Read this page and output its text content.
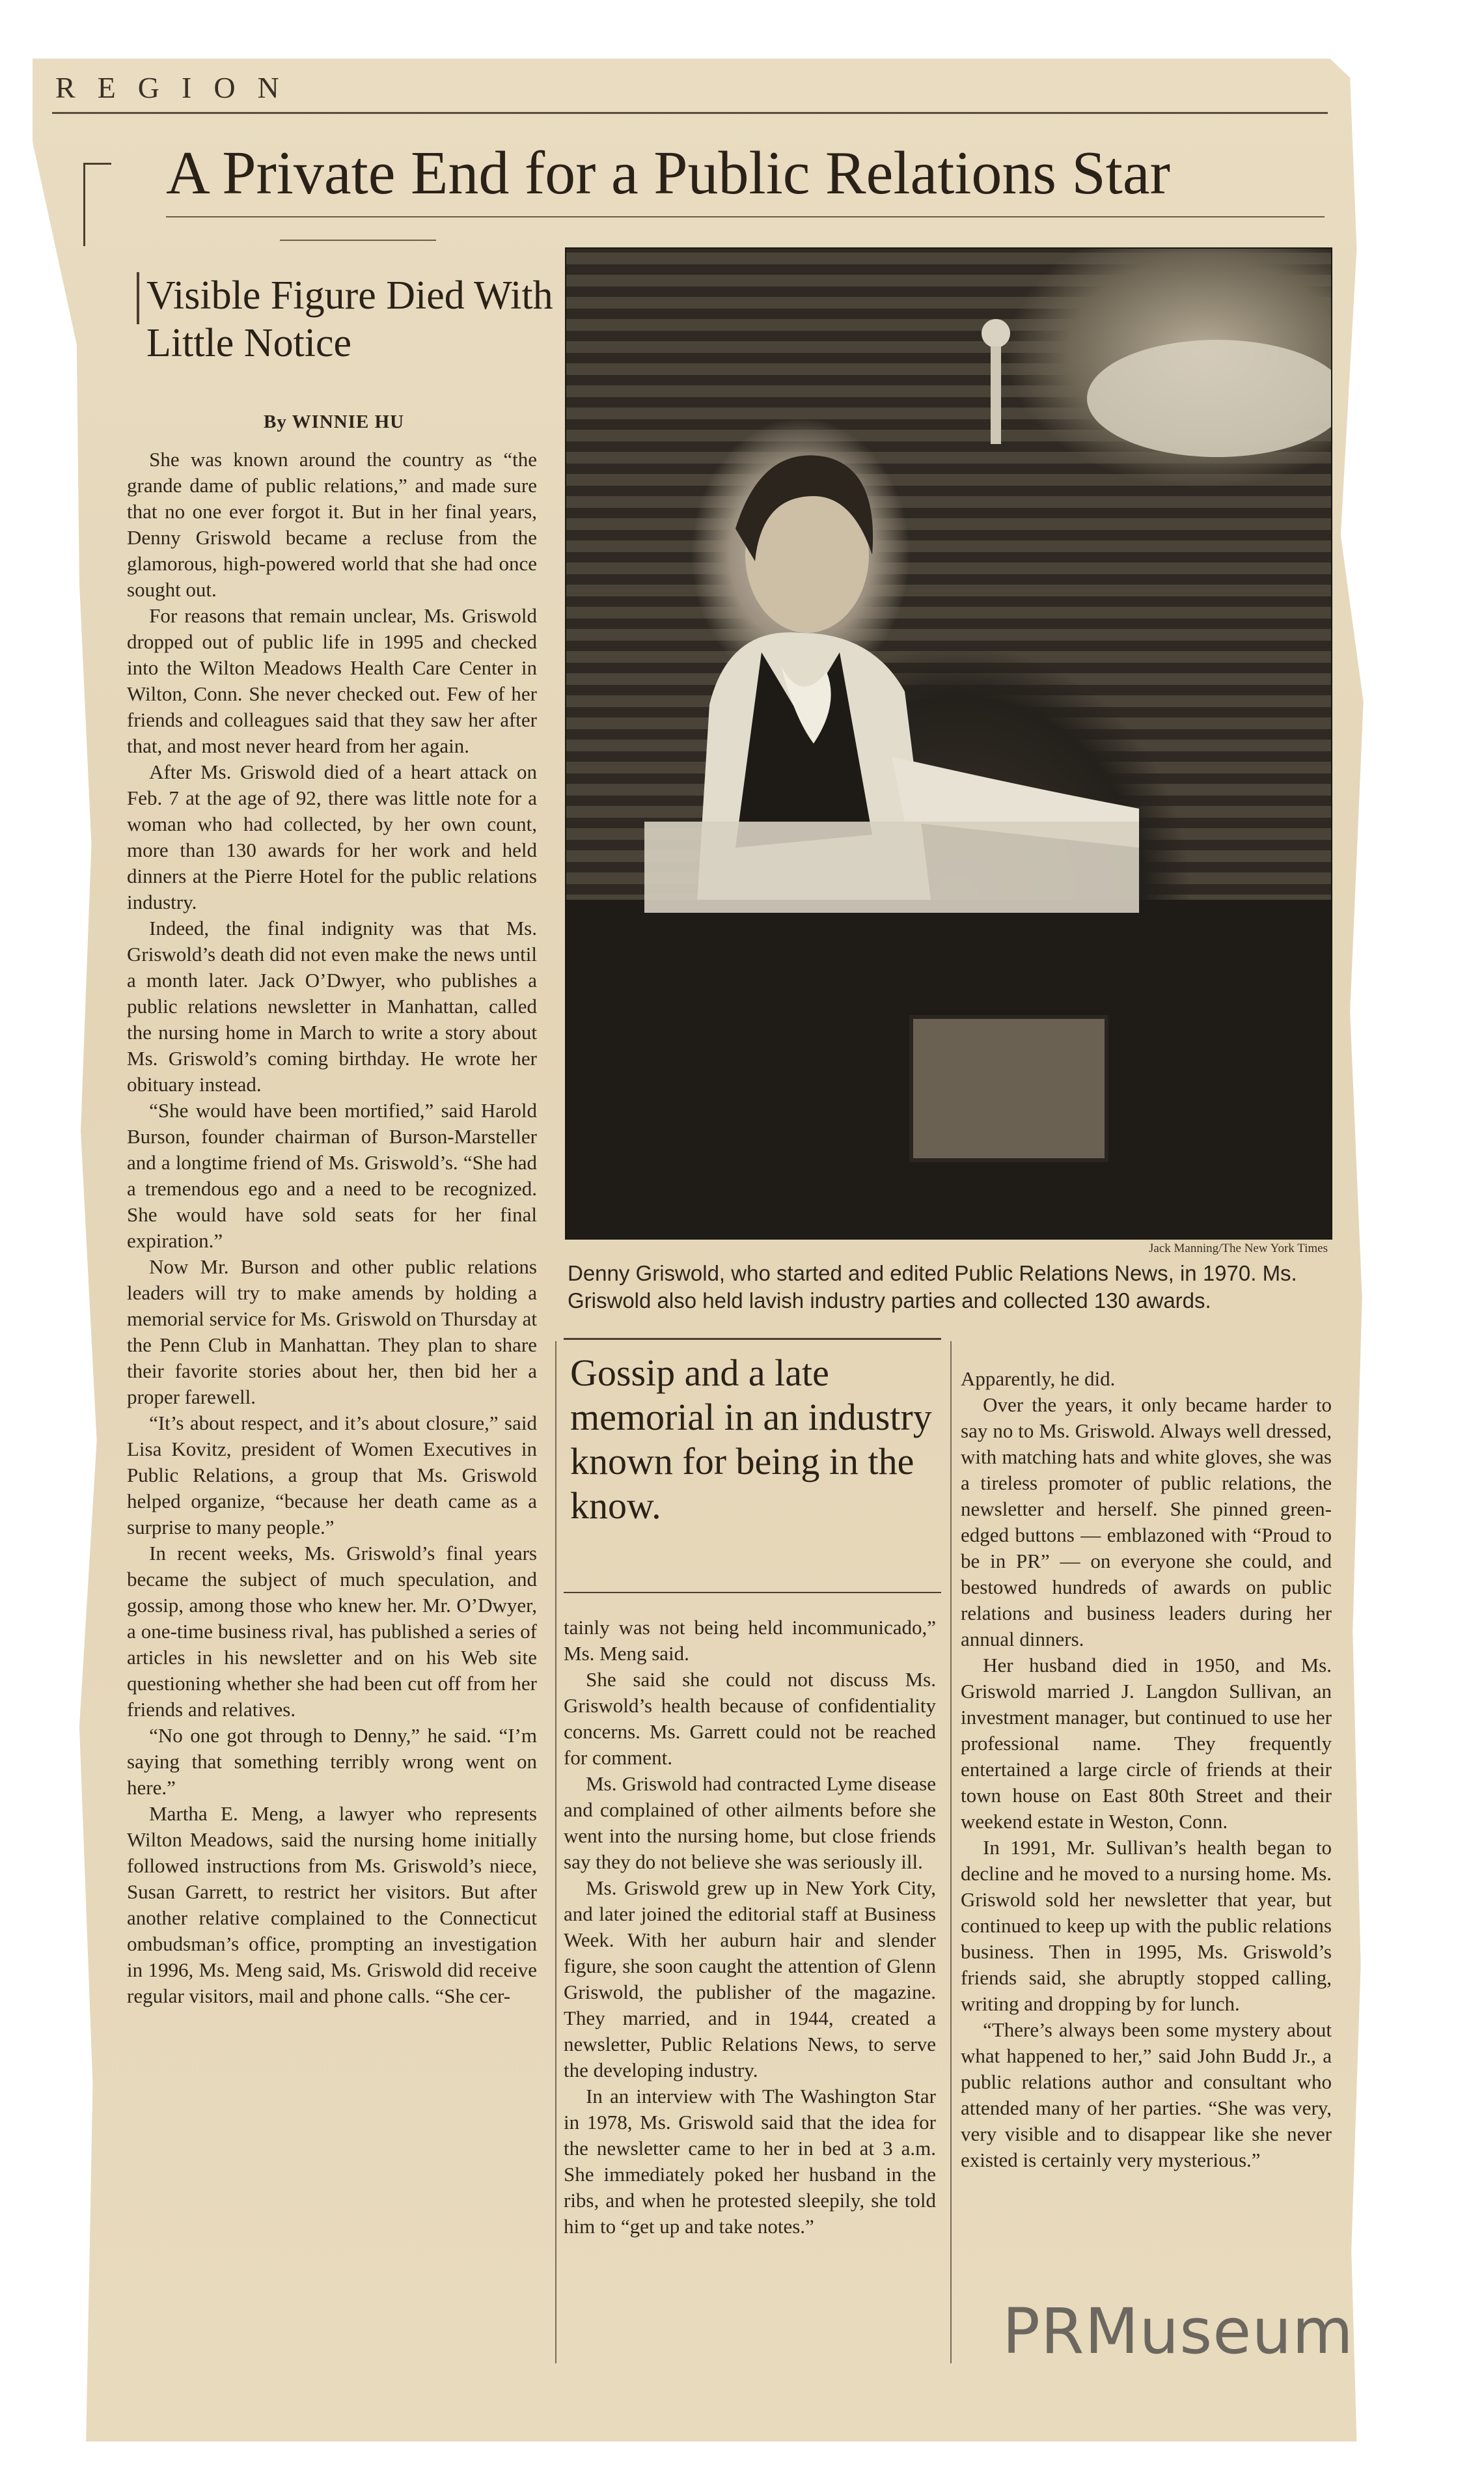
REGION
A Private End for a Public Relations Star
Visible Figure Died With Little Notice
By WINNIE HU

She was known around the country as “the grande dame of public relations,” and made sure that no one ever forgot it. But in her final years, Denny Griswold became a recluse from the glamorous, high-powered world that she had once sought out.

For reasons that remain unclear, Ms. Griswold dropped out of public life in 1995 and checked into the Wilton Meadows Health Care Center in Wilton, Conn. She never checked out. Few of her friends and colleagues said that they saw her after that, and most never heard from her again.

After Ms. Griswold died of a heart attack on Feb. 7 at the age of 92, there was little note for a woman who had collected, by her own count, more than 130 awards for her work and held dinners at the Pierre Hotel for the public relations industry.

Indeed, the final indignity was that Ms. Griswold’s death did not even make the news until a month later. Jack O’Dwyer, who publishes a public relations newsletter in Manhattan, called the nursing home in March to write a story about Ms. Griswold’s coming birthday. He wrote her obituary instead.

“She would have been mortified,” said Harold Burson, founder chairman of Burson-Marsteller and a longtime friend of Ms. Griswold’s. “She had a tremendous ego and a need to be recognized. She would have sold seats for her final expiration.”

Now Mr. Burson and other public relations leaders will try to make amends by holding a memorial service for Ms. Griswold on Thursday at the Penn Club in Manhattan. They plan to share their favorite stories about her, then bid her a proper farewell.

“It’s about respect, and it’s about closure,” said Lisa Kovitz, president of Women Executives in Public Relations, a group that Ms. Griswold helped organize, “because her death came as a surprise to many people.”

In recent weeks, Ms. Griswold’s final years became the subject of much speculation, and gossip, among those who knew her. Mr. O’Dwyer, a one-time business rival, has published a series of articles in his newsletter and on his Web site questioning whether she had been cut off from her friends and relatives.

“No one got through to Denny,” he said. “I’m saying that something terribly wrong went on here.”

Martha E. Meng, a lawyer who represents Wilton Meadows, said the nursing home initially followed instructions from Ms. Griswold’s niece, Susan Garrett, to restrict her visitors. But after another relative complained to the Connecticut ombudsman’s office, prompting an investigation in 1996, Ms. Meng said, Ms. Griswold did receive regular visitors, mail and phone calls. “She cer-

Jack Manning/The New York Times
Denny Griswold, who started and edited Public Relations News, in 1970. Ms. Griswold also held lavish industry parties and collected 130 awards.
Gossip and a late memorial in an industry known for being in the know.

tainly was not being held incommunicado,” Ms. Meng said.

She said she could not discuss Ms. Griswold’s health because of confidentiality concerns. Ms. Garrett could not be reached for comment.

Ms. Griswold had contracted Lyme disease and complained of other ailments before she went into the nursing home, but close friends say they do not believe she was seriously ill.

Ms. Griswold grew up in New York City, and later joined the editorial staff at Business Week. With her auburn hair and slender figure, she soon caught the attention of Glenn Griswold, the publisher of the magazine. They married, and in 1944, created a newsletter, Public Relations News, to serve the developing industry.

In an interview with The Washington Star in 1978, Ms. Griswold said that the idea for the newsletter came to her in bed at 3 a.m. She immediately poked her husband in the ribs, and when he protested sleepily, she told him to “get up and take notes.”

Apparently, he did.

Over the years, it only became harder to say no to Ms. Griswold. Always well dressed, with matching hats and white gloves, she was a tireless promoter of public relations, the newsletter and herself. She pinned green-edged buttons — emblazoned with “Proud to be in PR” — on everyone she could, and bestowed hundreds of awards on public relations and business leaders during her annual dinners.

Her husband died in 1950, and Ms. Griswold married J. Langdon Sullivan, an investment manager, but continued to use her professional name. They frequently entertained a large circle of friends at their town house on East 80th Street and their weekend estate in Weston, Conn.

In 1991, Mr. Sullivan’s health began to decline and he moved to a nursing home. Ms. Griswold sold her newsletter that year, but continued to keep up with the public relations business. Then in 1995, Ms. Griswold’s friends said, she abruptly stopped calling, writing and dropping by for lunch.

“There’s always been some mystery about what happened to her,” said John Budd Jr., a public relations author and consultant who attended many of her parties. “She was very, very visible and to disappear like she never existed is certainly very mysterious.”

PRMuseum
